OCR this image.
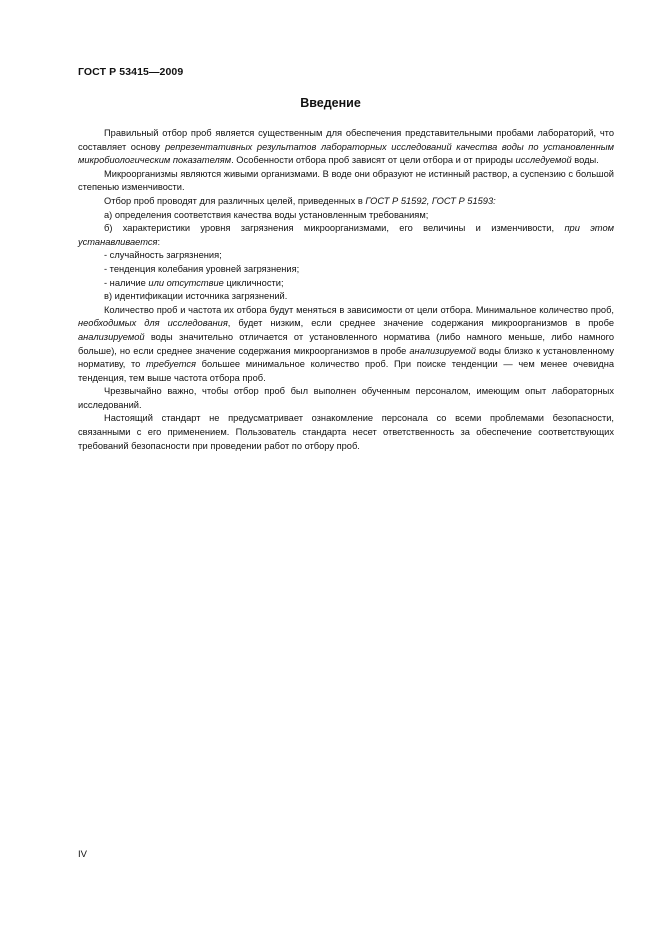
ГОСТ Р 53415—2009
Введение

Правильный отбор проб является существенным для обеспечения представительными пробами лабораторий, что составляет основу репрезентативных результатов лабораторных исследований качества воды по установленным микробиологическим показателям. Особенности отбора проб зависят от цели отбора и от природы исследуемой воды.

Микроорганизмы являются живыми организмами. В воде они образуют не истинный раствор, а суспензию с большой степенью изменчивости.

Отбор проб проводят для различных целей, приведенных в ГОСТ Р 51592, ГОСТ Р 51593:

а) определения соответствия качества воды установленным требованиям;

б) характеристики уровня загрязнения микроорганизмами, его величины и изменчивости, при этом устанавливается:

- случайность загрязнения;

- тенденция колебания уровней загрязнения;

- наличие или отсутствие цикличности;

в) идентификации источника загрязнений.

Количество проб и частота их отбора будут меняться в зависимости от цели отбора. Минимальное количество проб, необходимых для исследования, будет низким, если среднее значение содержания микроорганизмов в пробе анализируемой воды значительно отличается от установленного норматива (либо намного меньше, либо намного больше), но если среднее значение содержания микроорганизмов в пробе анализируемой воды близко к установленному нормативу, то требуется большее минимальное количество проб. При поиске тенденции — чем менее очевидна тенденция, тем выше частота отбора проб.

Чрезвычайно важно, чтобы отбор проб был выполнен обученным персоналом, имеющим опыт лабораторных исследований.

Настоящий стандарт не предусматривает ознакомление персонала со всеми проблемами безопасности, связанными с его применением. Пользователь стандарта несет ответственность за обеспечение соответствующих требований безопасности при проведении работ по отбору проб.

IV
